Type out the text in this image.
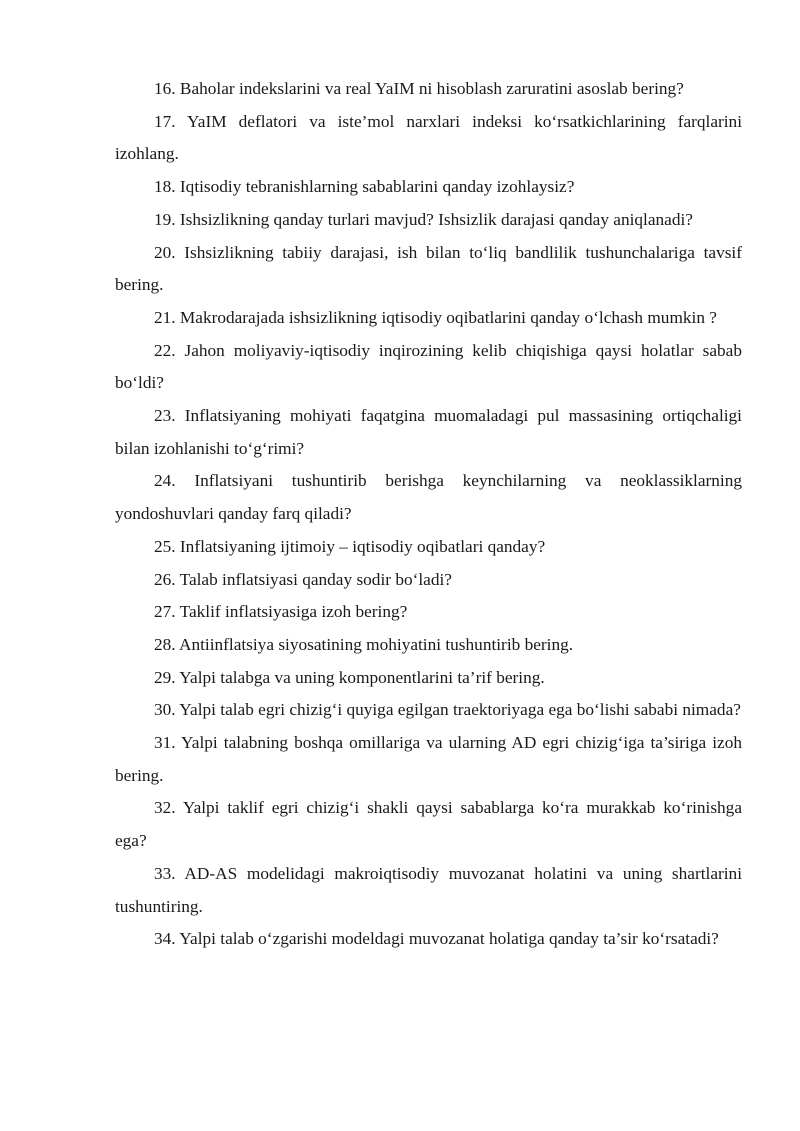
16. Baholar indekslarini va real YaIM ni hisoblash zaruratini asoslab bering?

17. YaIM deflatori va iste’mol narxlari indeksi ko‘rsatkichlarining farqlarini izohlang.

18. Iqtisodiy tebranishlarning sabablarini qanday izohlaysiz?

19. Ishsizlikning qanday turlari mavjud? Ishsizlik darajasi qanday aniqlanadi?

20. Ishsizlikning tabiiy darajasi, ish bilan to‘liq bandlilik tushunchalariga tavsif bering.

21. Makrodarajada ishsizlikning iqtisodiy oqibatlarini qanday o‘lchash mumkin ?

22. Jahon moliyaviy-iqtisodiy inqirozining kelib chiqishiga qaysi holatlar sabab bo‘ldi?

23. Inflatsiyaning mohiyati faqatgina muomaladagi pul massasining ortiqchaligi bilan izohlanishi to‘g‘rimi?

24. Inflatsiyani tushuntirib berishga keynchilarning va neoklassiklarning yondoshuvlari qanday farq qiladi?

25. Inflatsiyaning ijtimoiy – iqtisodiy oqibatlari qanday?

26. Talab inflatsiyasi qanday sodir bo‘ladi?

27. Taklif inflatsiyasiga izoh bering?

28. Antiinflatsiya siyosatining mohiyatini tushuntirib bering.

29. Yalpi talabga va uning komponentlarini ta’rif bering.

30. Yalpi talab egri chizig‘i quyiga egilgan traektoriyaga ega bo‘lishi sababi nimada?

31. Yalpi talabning boshqa omillariga va ularning AD egri chizig‘iga ta’siriga izoh bering.

32. Yalpi taklif egri chizig‘i shakli qaysi sabablarga ko‘ra murakkab ko‘rinishga ega?

33. AD-AS modelidagi makroiqtisodiy muvozanat holatini va uning shartlarini tushuntiring.

34. Yalpi talab o‘zgarishi modeldagi muvozanat holatiga qanday ta’sir ko‘rsatadi?
